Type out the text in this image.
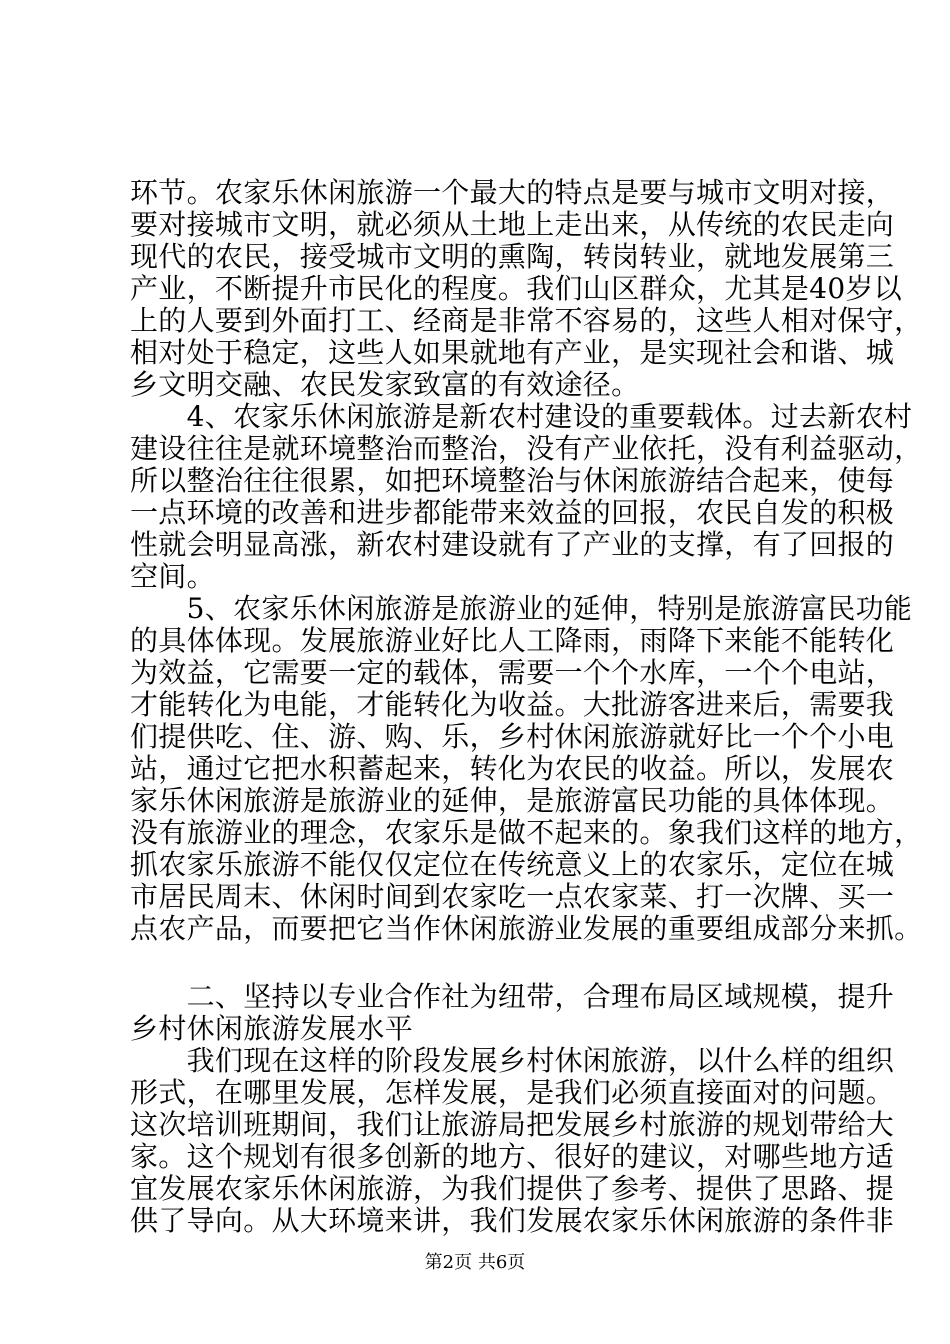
环节。农家乐休闲旅游一个最大的特点是要与城市文明对接，
要对接城市文明，就必须从土地上走出来，从传统的农民走向
现代的农民，接受城市文明的熏陶，转岗转业，就地发展第三
产业，不断提升市民化的程度。我们山区群众，尤其是40岁以
上的人要到外面打工、经商是非常不容易的，这些人相对保守，
相对处于稳定，这些人如果就地有产业，是实现社会和谐、城
乡文明交融、农民发家致富的有效途径。
　　4、农家乐休闲旅游是新农村建设的重要载体。过去新农村
建设往往是就环境整治而整治，没有产业依托，没有利益驱动，
所以整治往往很累，如把环境整治与休闲旅游结合起来，使每
一点环境的改善和进步都能带来效益的回报，农民自发的积极
性就会明显高涨，新农村建设就有了产业的支撑，有了回报的
空间。
　　5、农家乐休闲旅游是旅游业的延伸，特别是旅游富民功能
的具体体现。发展旅游业好比人工降雨，雨降下来能不能转化
为效益，它需要一定的载体，需要一个个水库，一个个电站，
才能转化为电能，才能转化为收益。大批游客进来后，需要我
们提供吃、住、游、购、乐，乡村休闲旅游就好比一个个小电
站，通过它把水积蓄起来，转化为农民的收益。所以，发展农
家乐休闲旅游是旅游业的延伸，是旅游富民功能的具体体现。
没有旅游业的理念，农家乐是做不起来的。象我们这样的地方，
抓农家乐旅游不能仅仅定位在传统意义上的农家乐，定位在城
市居民周末、休闲时间到农家吃一点农家菜、打一次牌、买一
点农产品，而要把它当作休闲旅游业发展的重要组成部分来抓。
　　二、坚持以专业合作社为纽带，合理布局区域规模，提升
乡村休闲旅游发展水平
　　我们现在这样的阶段发展乡村休闲旅游，以什么样的组织
形式，在哪里发展，怎样发展，是我们必须直接面对的问题。
这次培训班期间，我们让旅游局把发展乡村旅游的规划带给大
家。这个规划有很多创新的地方、很好的建议，对哪些地方适
宜发展农家乐休闲旅游，为我们提供了参考、提供了思路、提
供了导向。从大环境来讲，我们发展农家乐休闲旅游的条件非
第2页 共6页
